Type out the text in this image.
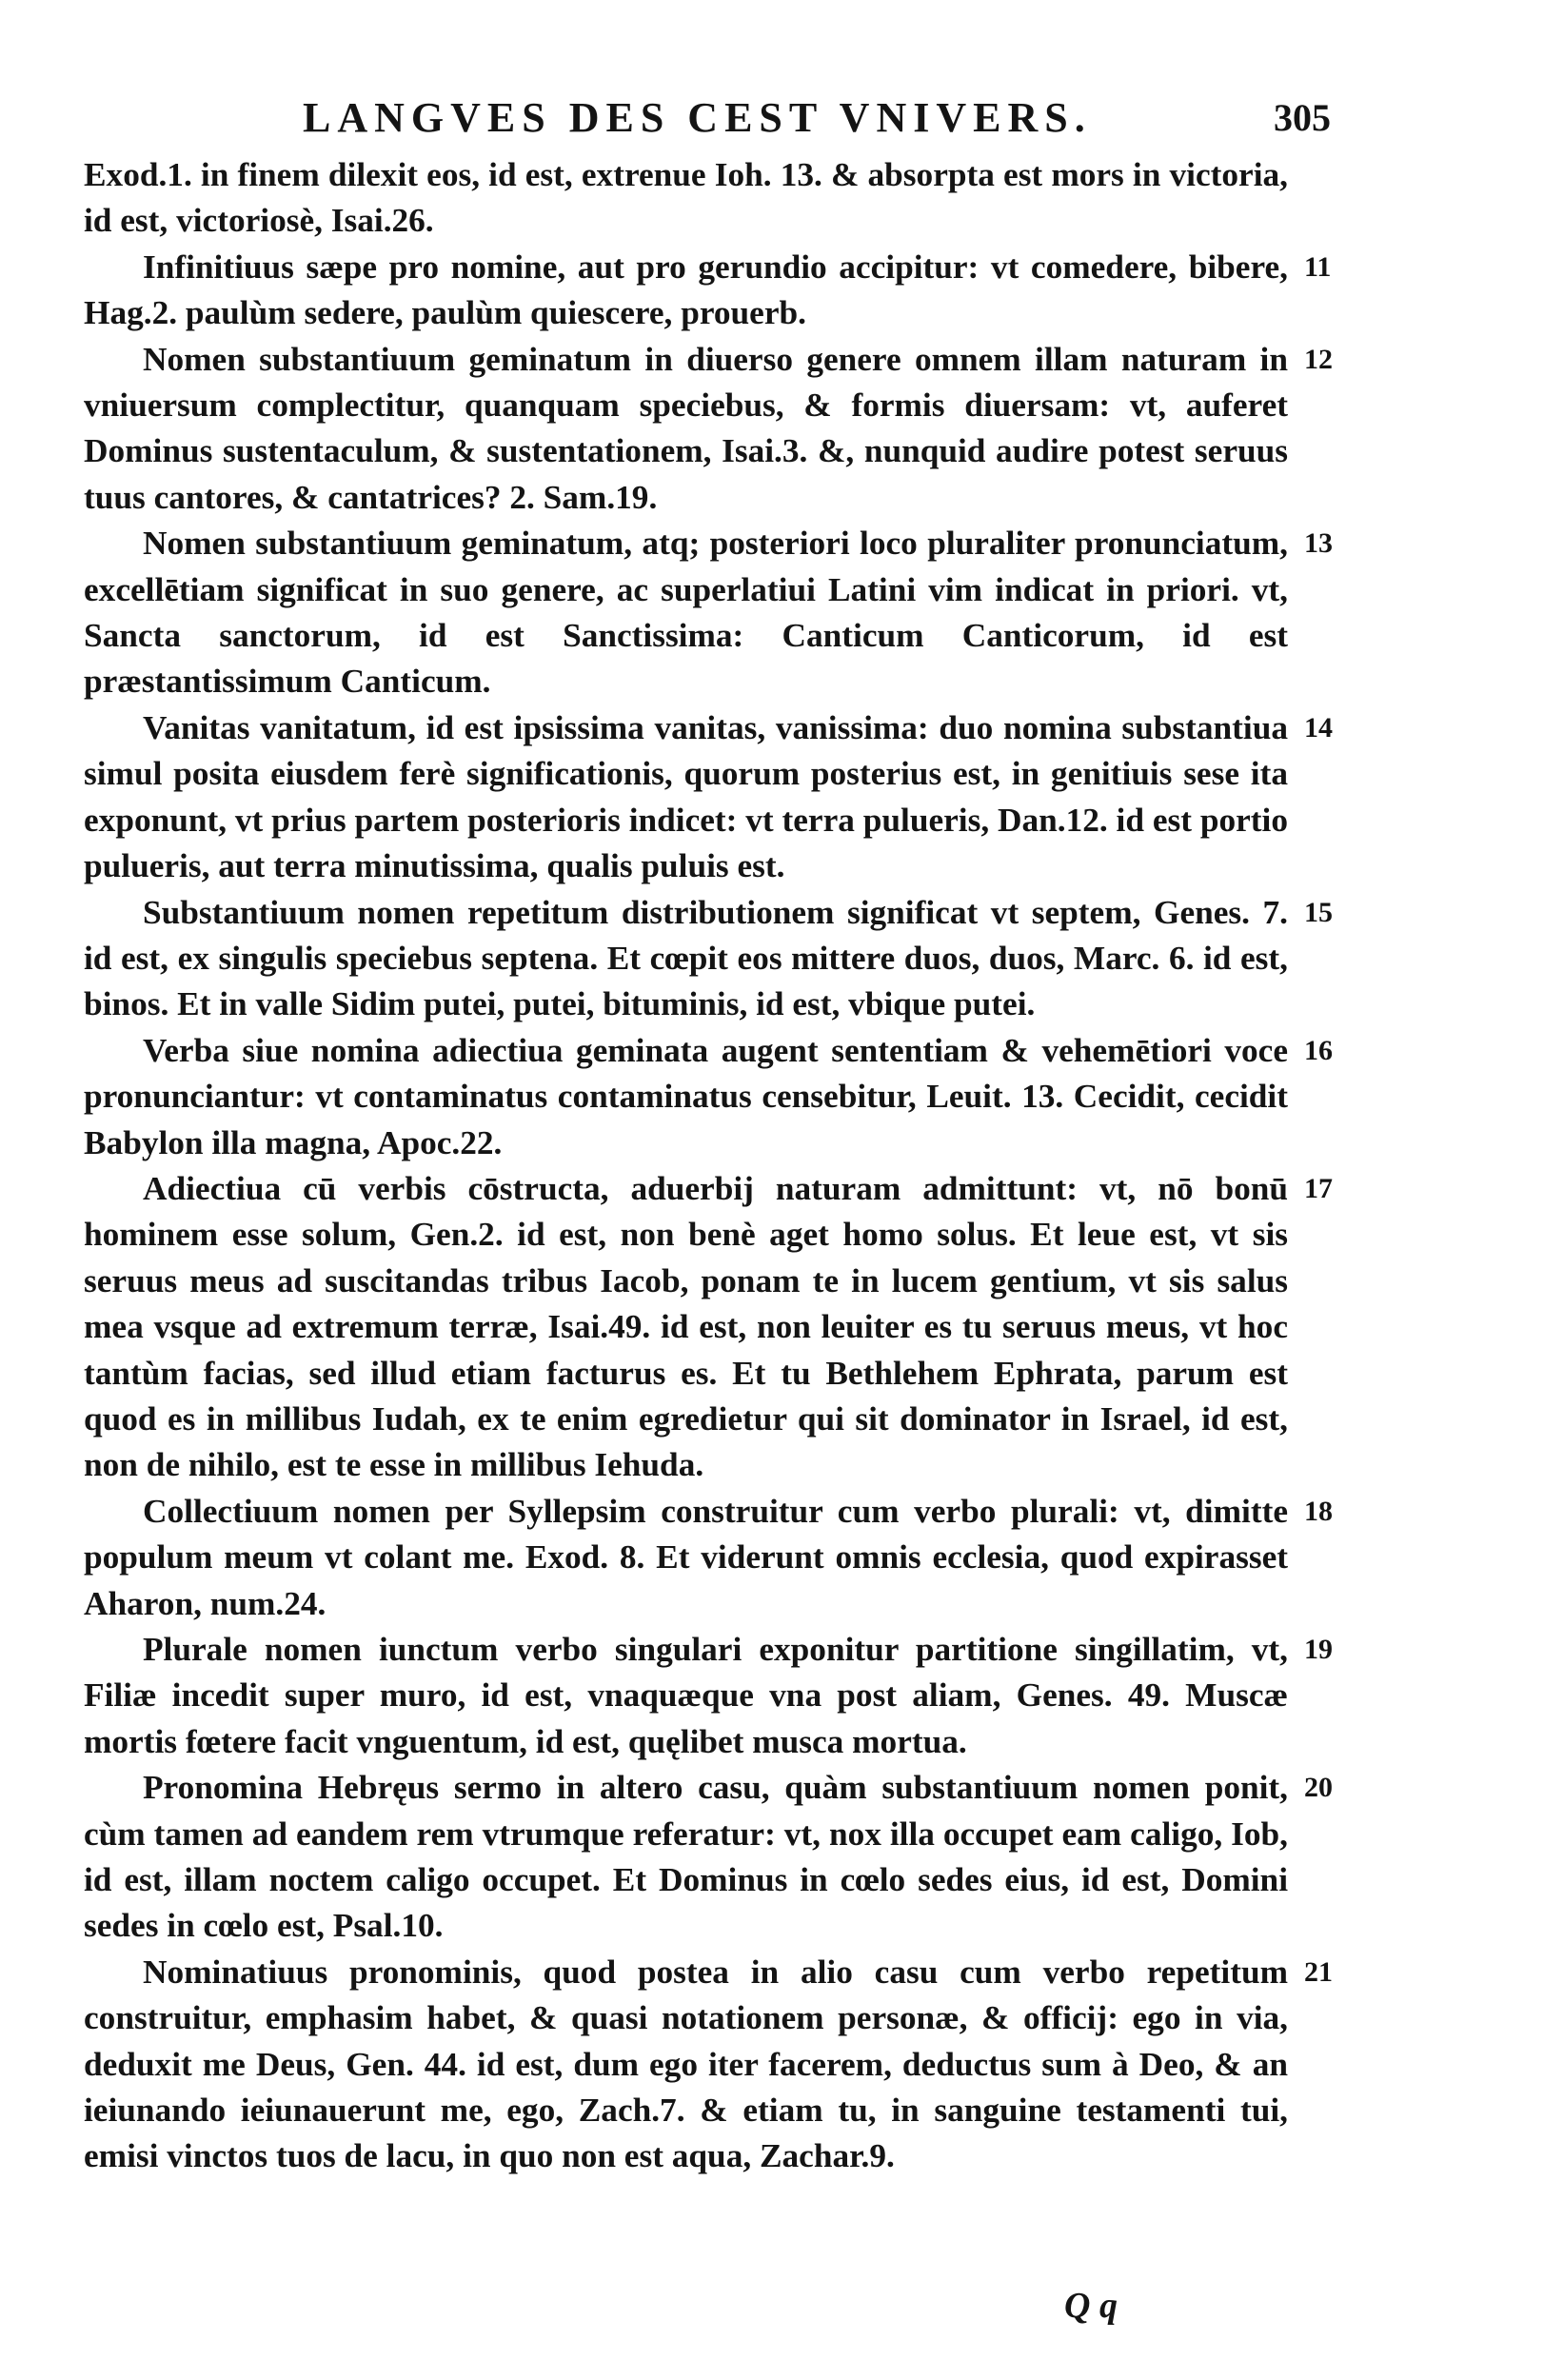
LANGVES DES CEST VNIVERS.	305

Exod.1. in finem dilexit eos, id est, extrenue Ioh. 13. & absorpta est mors in victoria, id est, victoriosè, Isai.26.

Infinitiuus sæpe pro nomine, aut pro gerundio accipitur: vt comedere, bibere, Hag.2. paulùm sedere, paulùm quiescere, prouerb.
11

Nomen substantiuum geminatum in diuerso genere omnem illam naturam in vniuersum complectitur, quanquam speciebus, & formis diuersam: vt, auferet Dominus sustentaculum, & sustentationem, Isai.3. &, nunquid audire potest seruus tuus cantores, & cantatrices? 2. Sam.19.
12

Nomen substantiuum geminatum, atq; posteriori loco pluraliter pronunciatum, excellētiam significat in suo genere, ac superlatiui Latini vim indicat in priori. vt, Sancta sanctorum, id est Sanctissima: Canticum Canticorum, id est præstantissimum Canticum.
13

Vanitas vanitatum, id est ipsissima vanitas, vanissima: duo nomina substantiua simul posita eiusdem ferè significationis, quorum posterius est, in genitiuis sese ita exponunt, vt prius partem posterioris indicet: vt terra pulueris, Dan.12. id est portio pulueris, aut terra minutissima, qualis puluis est.
14

Substantiuum nomen repetitum distributionem significat vt septem, Genes. 7. id est, ex singulis speciebus septena. Et cœpit eos mittere duos, duos, Marc. 6. id est, binos. Et in valle Sidim putei, putei, bituminis, id est, vbique putei.
15

Verba siue nomina adiectiua geminata augent sententiam & vehemētiori voce pronunciantur: vt contaminatus contaminatus censebitur, Leuit. 13. Cecidit, cecidit Babylon illa magna, Apoc.22.
16

Adiectiua cū verbis cōstructa, aduerbij naturam admittunt: vt, nō bonū hominem esse solum, Gen.2. id est, non benè aget homo solus. Et leue est, vt sis seruus meus ad suscitandas tribus Iacob, ponam te in lucem gentium, vt sis salus mea vsque ad extremum terræ, Isai.49. id est, non leuiter es tu seruus meus, vt hoc tantùm facias, sed illud etiam facturus es. Et tu Bethlehem Ephrata, parum est quod es in millibus Iudah, ex te enim egredietur qui sit dominator in Israel, id est, non de nihilo, est te esse in millibus Iehuda.
17

Collectiuum nomen per Syllepsim construitur cum verbo plurali: vt, dimitte populum meum vt colant me. Exod. 8. Et viderunt omnis ecclesia, quod expirasset Aharon, num.24.
18

Plurale nomen iunctum verbo singulari exponitur partitione singillatim, vt, Filiæ incedit super muro, id est, vnaquæque vna post aliam, Genes. 49. Muscæ mortis fœtere facit vnguentum, id est, quęlibet musca mortua.
19

Pronomina Hebręus sermo in altero casu, quàm substantiuum nomen ponit, cùm tamen ad eandem rem vtrumque referatur: vt, nox illa occupet eam caligo, Iob, id est, illam noctem caligo occupet. Et Dominus in cœlo sedes eius, id est, Domini sedes in cœlo est, Psal.10.
20

Nominatiuus pronominis, quod postea in alio casu cum verbo repetitum construitur, emphasim habet, & quasi notationem personæ, & officij: ego in via, deduxit me Deus, Gen. 44. id est, dum ego iter facerem, deductus sum à Deo, & an ieiunando ieiunauerunt me, ego, Zach.7. & etiam tu, in sanguine testamenti tui, emisi vinctos tuos de lacu, in quo non est aqua, Zachar.9.
21

Q q
